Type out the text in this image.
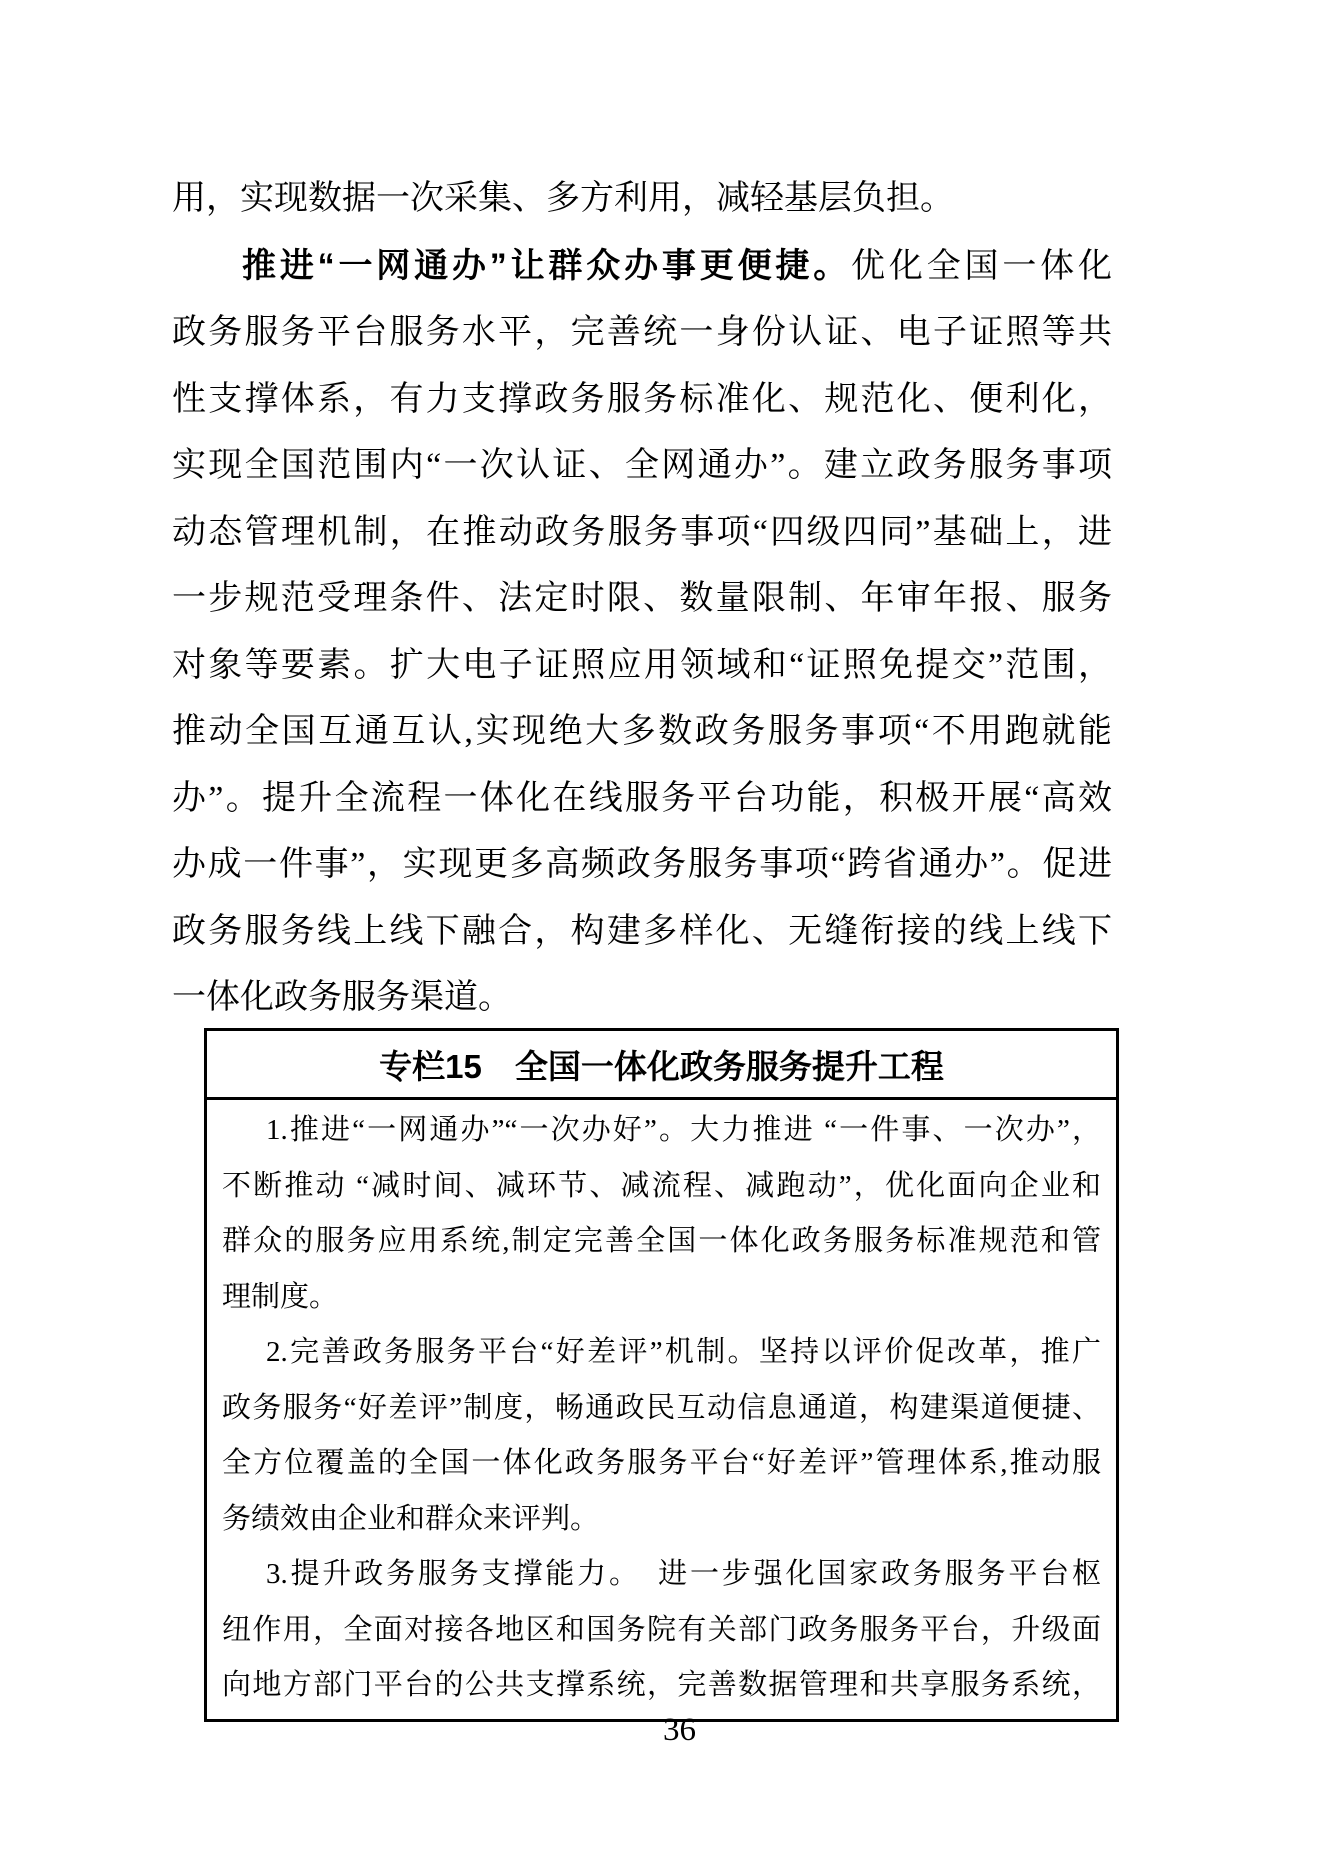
用，实现数据一次采集、多方利用，减轻基层负担。
推进“一网通办”让群众办事更便捷。优化全国一体化
政务服务平台服务水平，完善统一身份认证、电子证照等共
性支撑体系，有力支撑政务服务标准化、规范化、便利化，
实现全国范围内“一次认证、全网通办”。建立政务服务事项
动态管理机制，在推动政务服务事项“四级四同”基础上，进
一步规范受理条件、法定时限、数量限制、年审年报、服务
对象等要素。扩大电子证照应用领域和“证照免提交”范围，
推动全国互通互认,实现绝大多数政务服务事项“不用跑就能
办”。提升全流程一体化在线服务平台功能，积极开展“高效
办成一件事”，实现更多高频政务服务事项“跨省通办”。促进
政务服务线上线下融合，构建多样化、无缝衔接的线上线下
一体化政务服务渠道。
专栏15　全国一体化政务服务提升工程
1.推进“一网通办”“一次办好”。大力推进 “一件事、一次办”，
不断推动 “减时间、减环节、减流程、减跑动”，优化面向企业和
群众的服务应用系统,制定完善全国一体化政务服务标准规范和管
理制度。
2.完善政务服务平台“好差评”机制。坚持以评价促改革，推广
政务服务“好差评”制度，畅通政民互动信息通道，构建渠道便捷、
全方位覆盖的全国一体化政务服务平台“好差评”管理体系,推动服
务绩效由企业和群众来评判。
3.提升政务服务支撑能力。　进一步强化国家政务服务平台枢
纽作用，全面对接各地区和国务院有关部门政务服务平台，升级面
向地方部门平台的公共支撑系统，完善数据管理和共享服务系统，
36
